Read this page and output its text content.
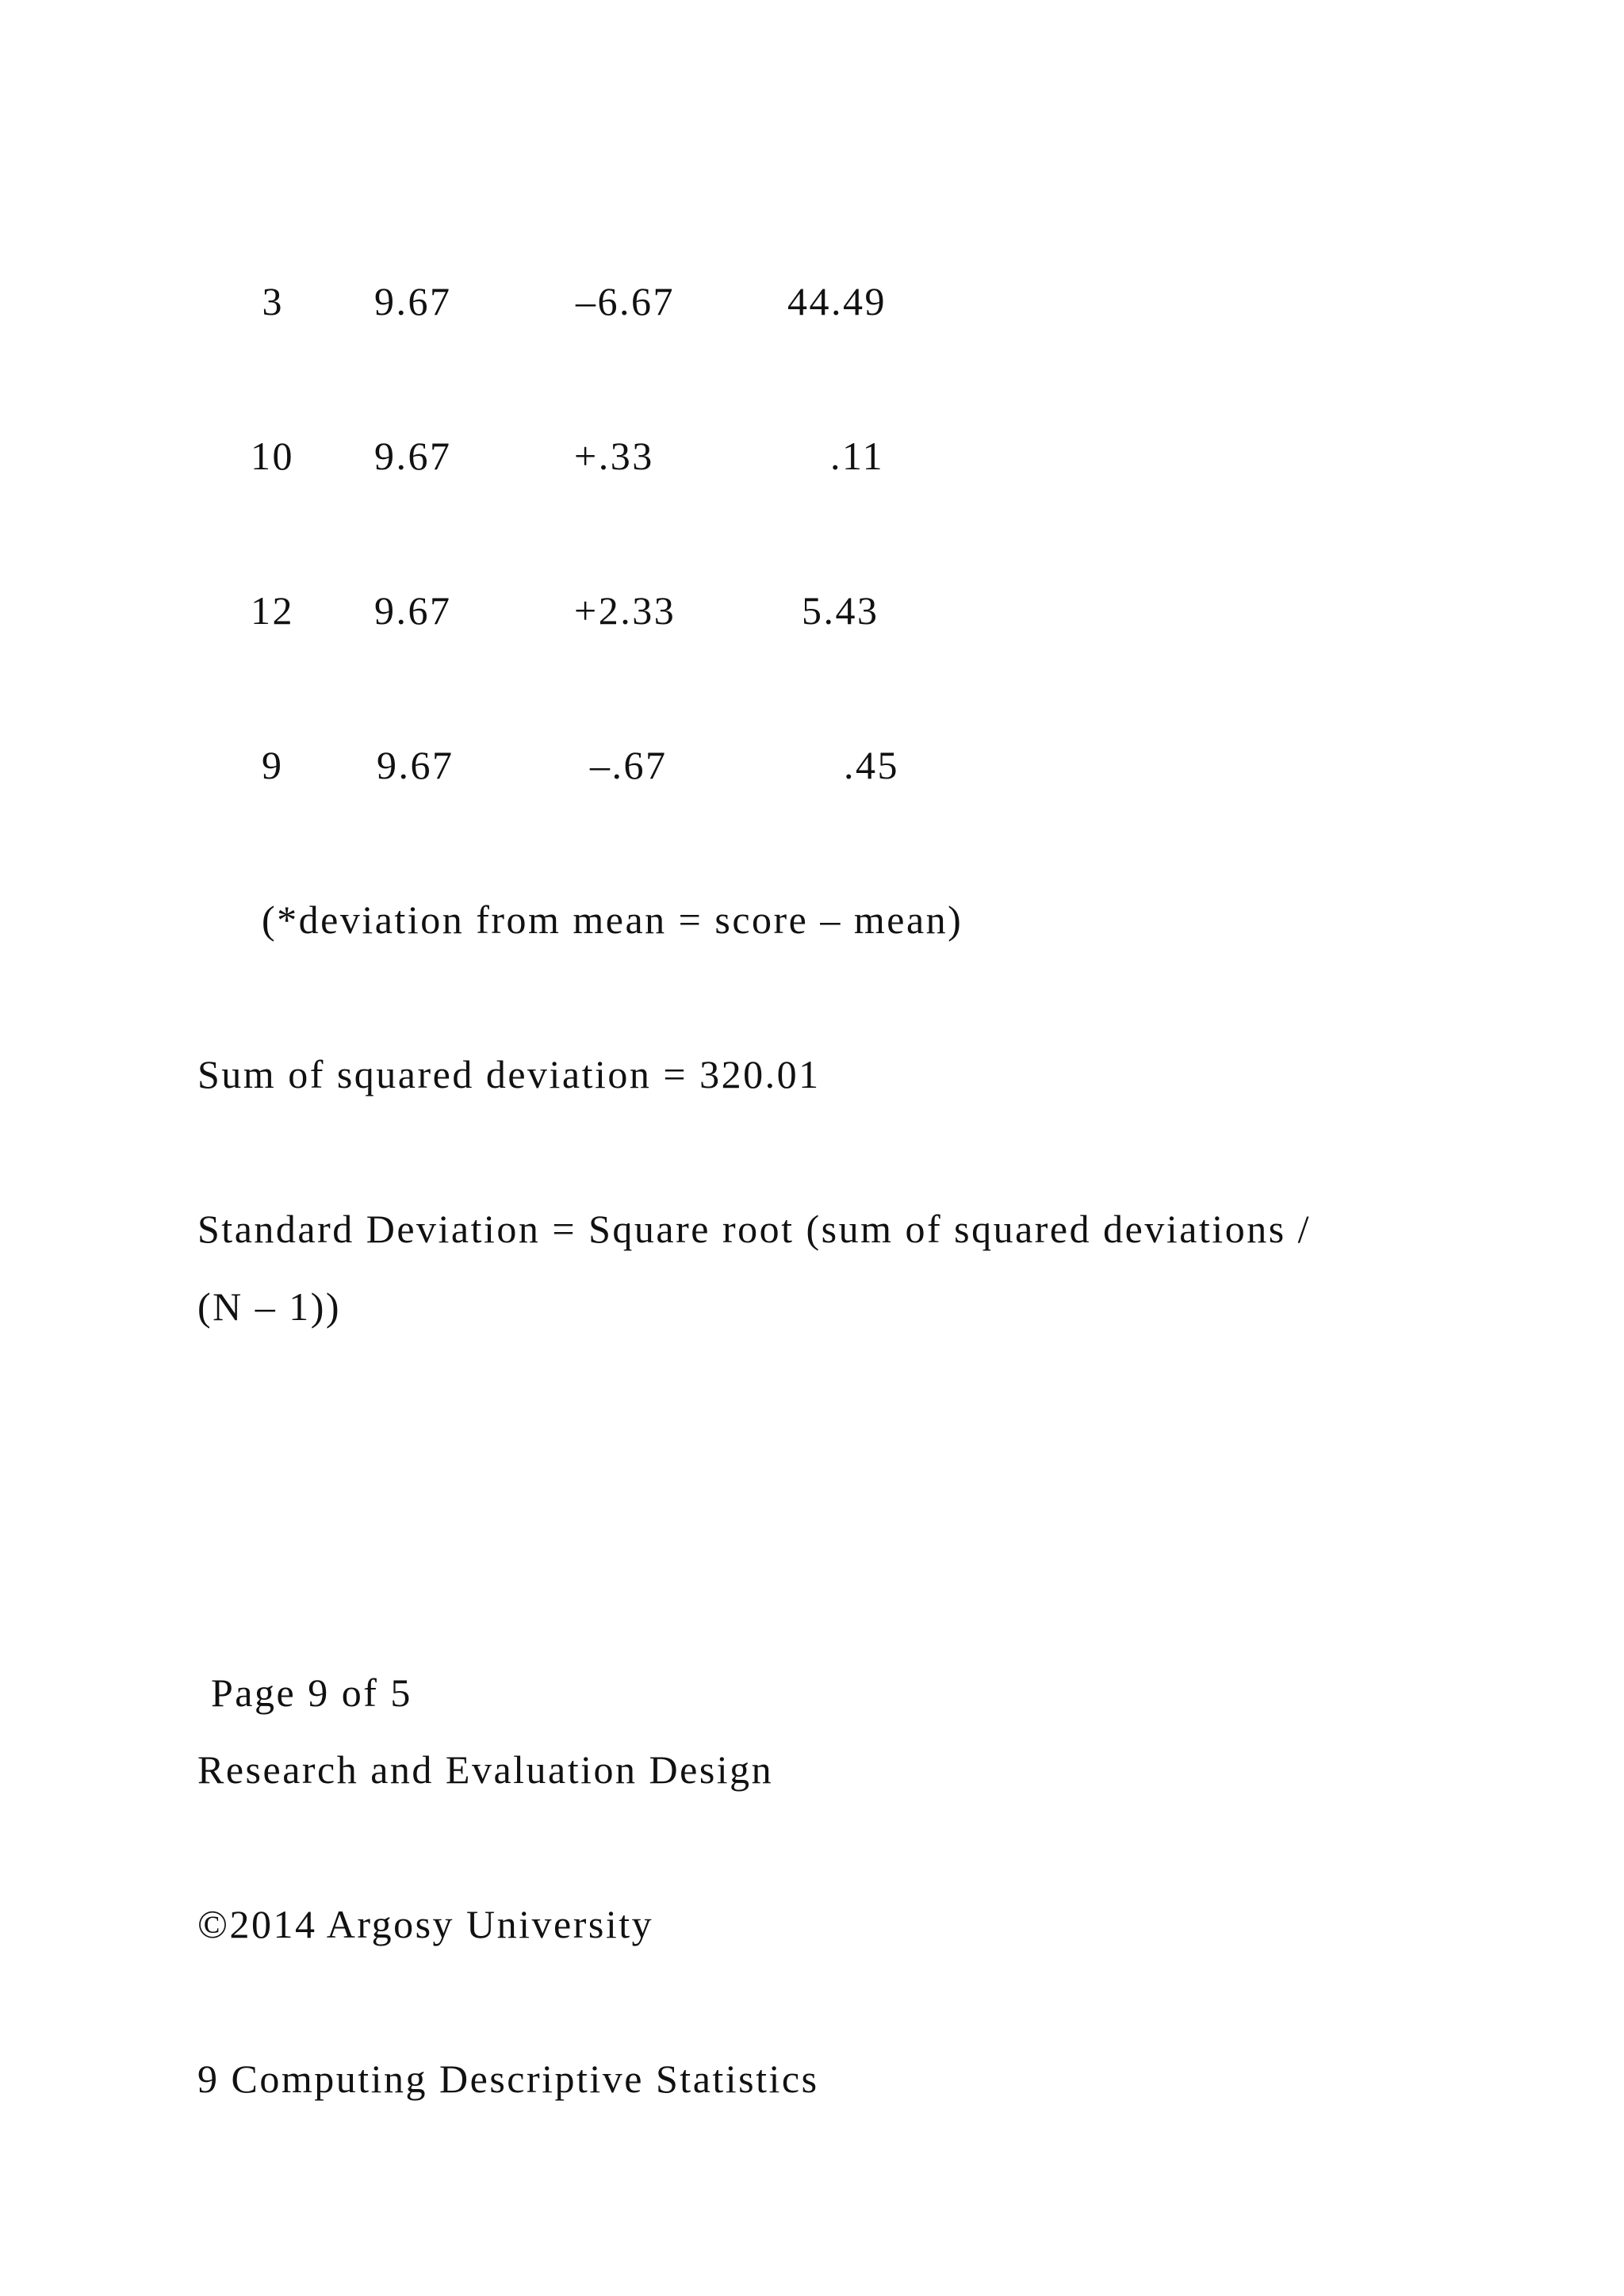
3 9.67	–6.67	44.49
10 9.67	+.33	.11
12 9.67	+2.33	5.43
9 9.67	–.67	.45
(*deviation from mean = score – mean)
Sum of squared deviation = 320.01
Standard Deviation = Square root (sum of squared deviations /
(N – 1))
Page 9 of 5
Research and Evaluation Design
©2014 Argosy University
9 Computing Descriptive Statistics
